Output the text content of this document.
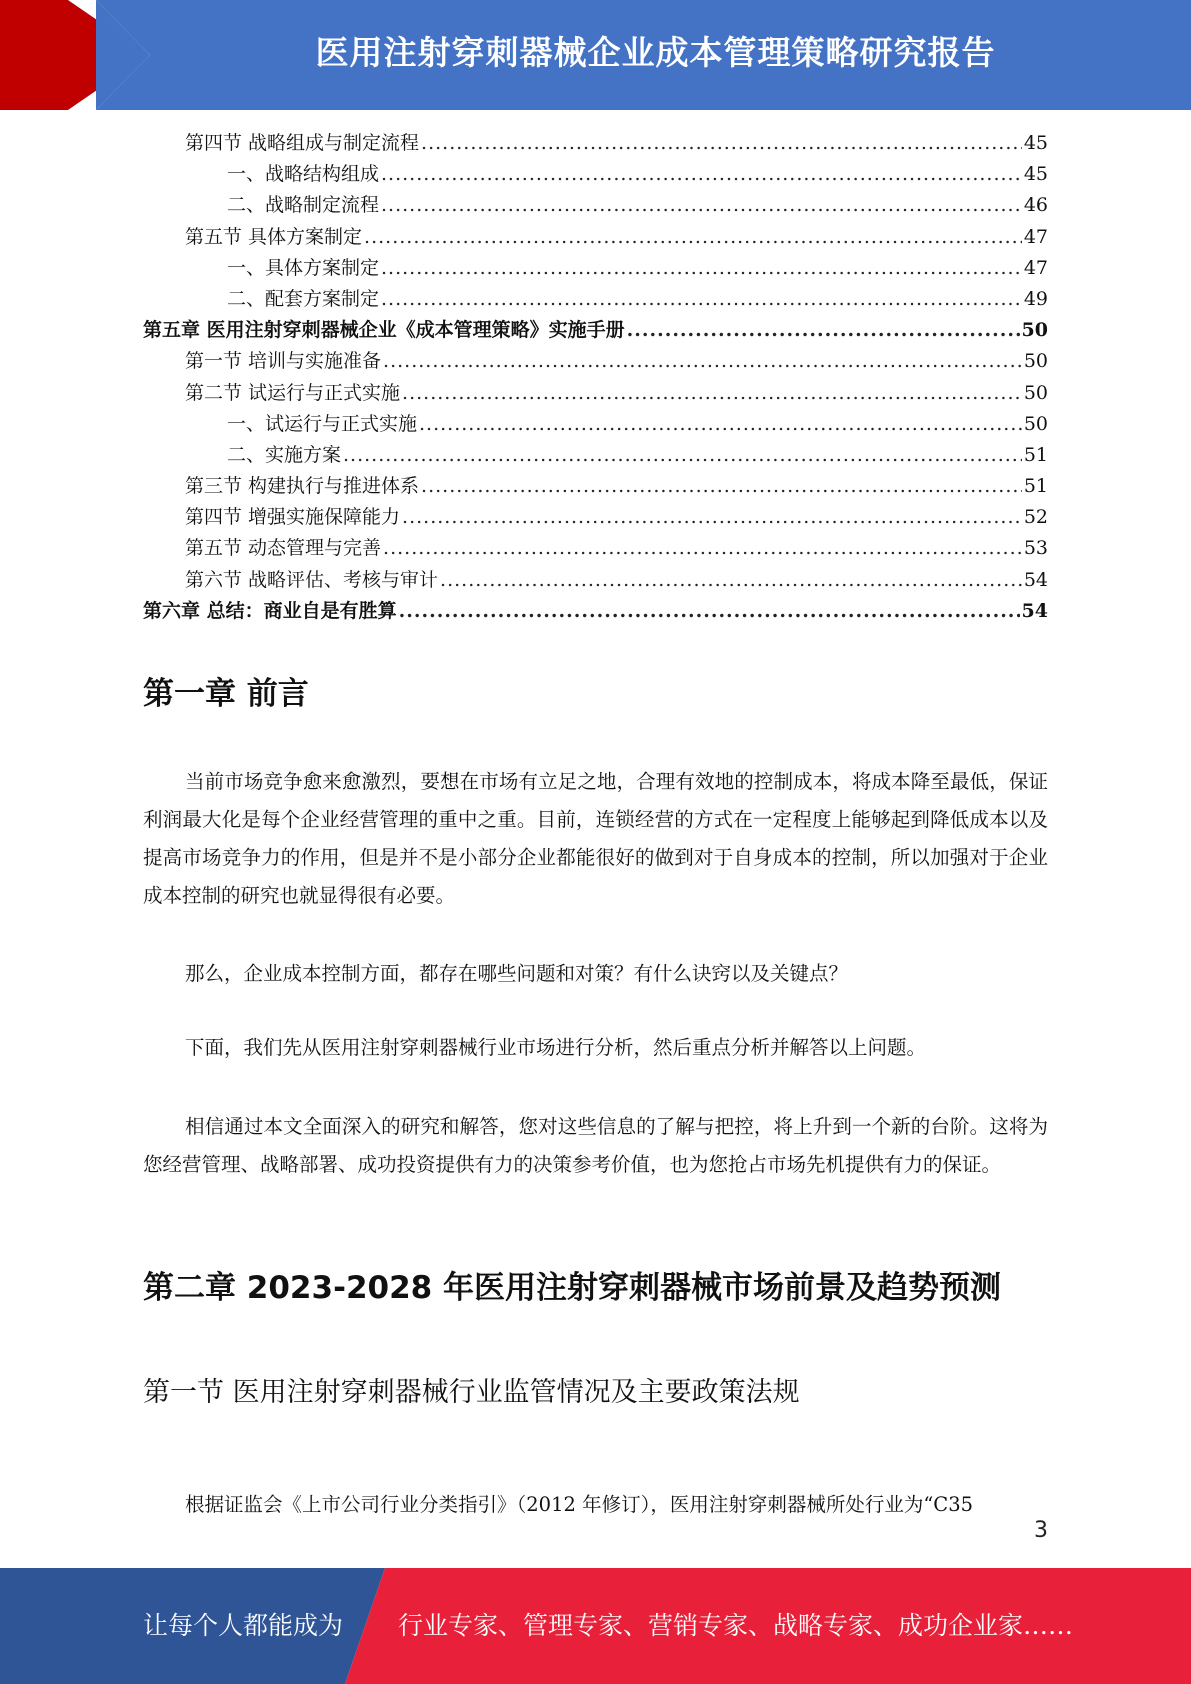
医用注射穿刺器械企业成本管理策略研究报告
第四节 战略组成与制定流程 .....	45
一、战略结构组成 .....	45
二、战略制定流程 .....	46
第五节 具体方案制定 .....	47
一、具体方案制定 .....	47
二、配套方案制定 .....	49
第五章 医用注射穿刺器械企业《成本管理策略》实施手册 .....	50
第一节 培训与实施准备 .....	50
第二节 试运行与正式实施 .....	50
一、试运行与正式实施 .....	50
二、实施方案 .....	51
第三节 构建执行与推进体系 .....	51
第四节 增强实施保障能力 .....	52
第五节 动态管理与完善 .....	53
第六节 战略评估、考核与审计 .....	54
第六章 总结：商业自是有胜算 .....	54
第一章 前言

当前市场竞争愈来愈激烈，要想在市场有立足之地，合理有效地的控制成本，将成本降至最低，保证利润最大化是每个企业经营管理的重中之重。目前，连锁经营的方式在一定程度上能够起到降低成本以及提高市场竞争力的作用，但是并不是小部分企业都能很好的做到对于自身成本的控制，所以加强对于企业成本控制的研究也就显得很有必要。

那么，企业成本控制方面，都存在哪些问题和对策？有什么诀窍以及关键点？

下面，我们先从医用注射穿刺器械行业市场进行分析，然后重点分析并解答以上问题。

相信通过本文全面深入的研究和解答，您对这些信息的了解与把控，将上升到一个新的台阶。这将为您经营管理、战略部署、成功投资提供有力的决策参考价值，也为您抢占市场先机提供有力的保证。

第二章 2023-2028 年医用注射穿刺器械市场前景及趋势预测
第一节 医用注射穿刺器械行业监管情况及主要政策法规

根据证监会《上市公司行业分类指引》（2012 年修订），医用注射穿刺器械所处行业为“C35

3
让每个人都能成为 行业专家、管理专家、营销专家、战略专家、成功企业家……
